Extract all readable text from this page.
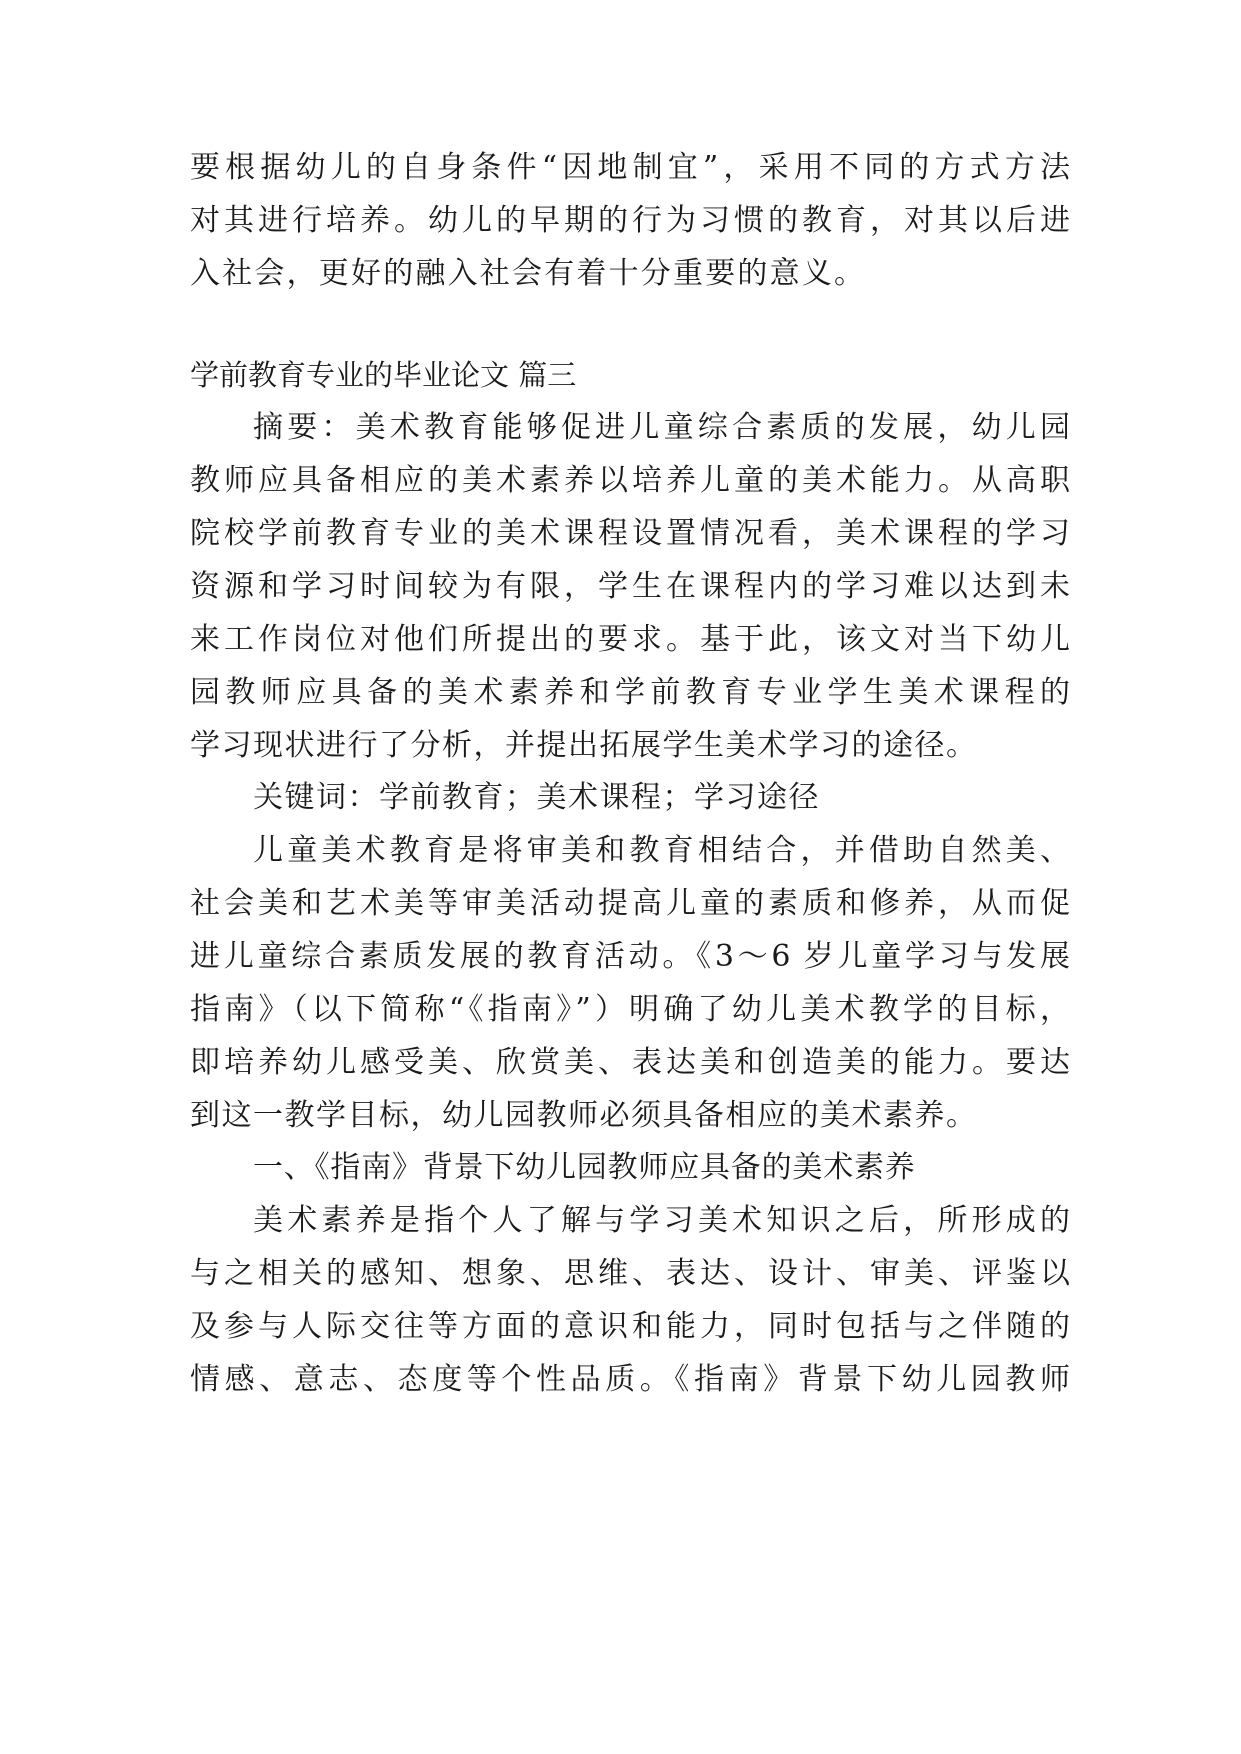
要根据幼儿的自身条件“因地制宜”，采用不同的方式方法
对其进行培养。幼儿的早期的行为习惯的教育，对其以后进
入社会，更好的融入社会有着十分重要的意义。
学前教育专业的毕业论文 篇三
摘要：美术教育能够促进儿童综合素质的发展，幼儿园
教师应具备相应的美术素养以培养儿童的美术能力。从高职
院校学前教育专业的美术课程设置情况看，美术课程的学习
资源和学习时间较为有限，学生在课程内的学习难以达到未
来工作岗位对他们所提出的要求。基于此，该文对当下幼儿
园教师应具备的美术素养和学前教育专业学生美术课程的
学习现状进行了分析，并提出拓展学生美术学习的途径。
关键词：学前教育；美术课程；学习途径
儿童美术教育是将审美和教育相结合，并借助自然美、
社会美和艺术美等审美活动提高儿童的素质和修养，从而促
进儿童综合素质发展的教育活动。《3～6 岁儿童学习与发展
指南》（以下简称“《指南》”）明确了幼儿美术教学的目标，
即培养幼儿感受美、欣赏美、表达美和创造美的能力。要达
到这一教学目标，幼儿园教师必须具备相应的美术素养。
一、《指南》背景下幼儿园教师应具备的美术素养
美术素养是指个人了解与学习美术知识之后，所形成的
与之相关的感知、想象、思维、表达、设计、审美、评鉴以
及参与人际交往等方面的意识和能力，同时包括与之伴随的
情感、意志、态度等个性品质。《指南》背景下幼儿园教师
